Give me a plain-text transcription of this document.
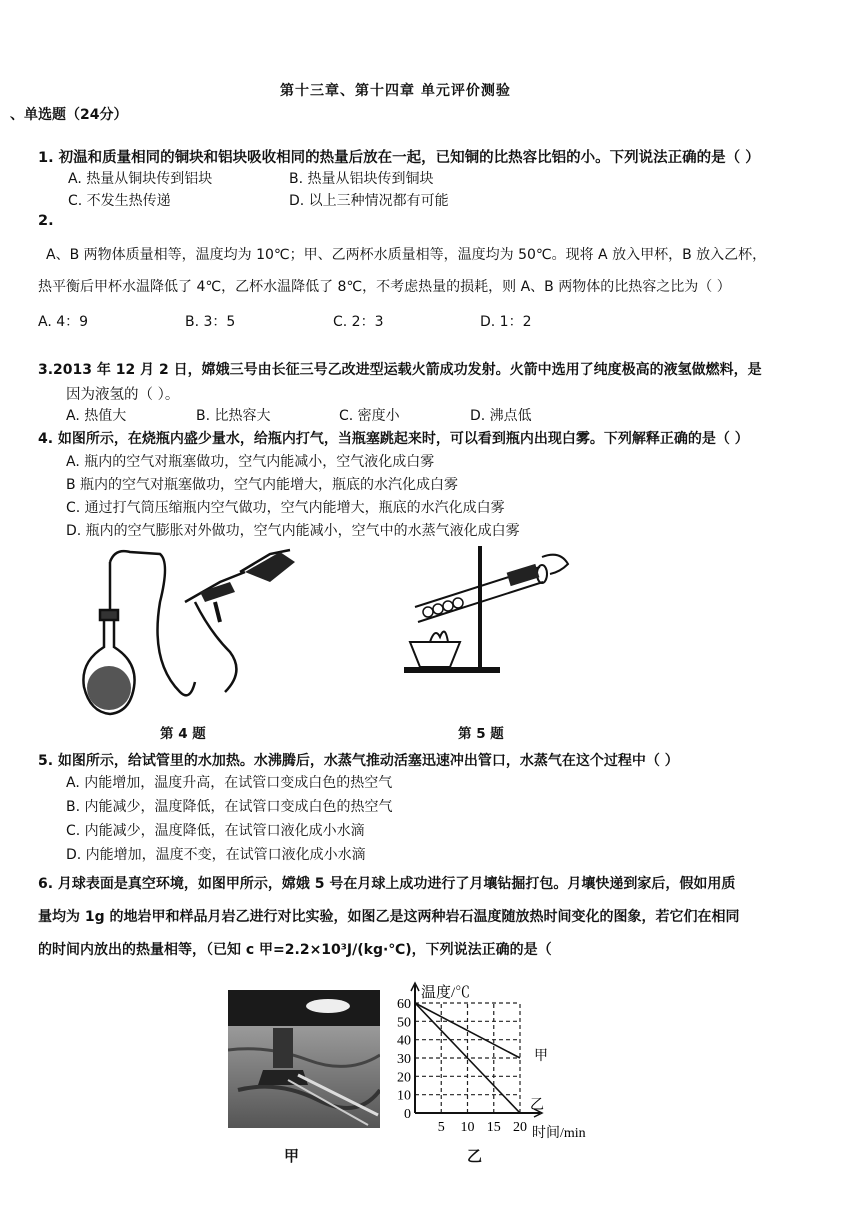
第十三章、第十四章 单元评价测验
、单选题（24分）
1. 初温和质量相同的铜块和铝块吸收相同的热量后放在一起，已知铜的比热容比铝的小。下列说法正确的是（ ）
A. 热量从铜块传到铝块	B. 热量从铝块传到铜块
C. 不发生热传递	D. 以上三种情况都有可能
2.
A、B 两物体质量相等，温度均为 10℃；甲、乙两杯水质量相等，温度均为 50℃。现将 A 放入甲杯，B 放入乙杯，
热平衡后甲杯水温降低了 4℃，乙杯水温降低了 8℃，不考虑热量的损耗，则 A、B 两物体的比热容之比为（ ）
A. 4：9	B. 3：5	C. 2：3	D. 1：2
3.2013 年 12 月 2 日，嫦娥三号由长征三号乙改进型运载火箭成功发射。火箭中选用了纯度极高的液氢做燃料，是
因为液氢的（ ）。
A. 热值大	B. 比热容大	C. 密度小	D. 沸点低
4. 如图所示，在烧瓶内盛少量水，给瓶内打气，当瓶塞跳起来时，可以看到瓶内出现白雾。下列解释正确的是（ ）
A. 瓶内的空气对瓶塞做功，空气内能减小，空气液化成白雾
B 瓶内的空气对瓶塞做功，空气内能增大，瓶底的水汽化成白雾
C. 通过打气筒压缩瓶内空气做功，空气内能增大，瓶底的水汽化成白雾
D. 瓶内的空气膨胀对外做功，空气内能减小，空气中的水蒸气液化成白雾
第 4 题	第 5 题
5. 如图所示，给试管里的水加热。水沸腾后，水蒸气推动活塞迅速冲出管口，水蒸气在这个过程中（ ）
A. 内能增加，温度升高，在试管口变成白色的热空气
B. 内能减少，温度降低，在试管口变成白色的热空气
C. 内能减少，温度降低，在试管口液化成小水滴
D. 内能增加，温度不变，在试管口液化成小水滴
6. 月球表面是真空环境，如图甲所示，嫦娥 5 号在月球上成功进行了月壤钻掘打包。月壤快递到家后，假如用质
量均为 1g 的地岩甲和样品月岩乙进行对比实验，如图乙是这两种岩石温度随放热时间变化的图象，若它们在相同
的时间内放出的热量相等，（已知 c 甲=2.2×10³J/(kg·℃)，下列说法正确的是（
甲
0
10
20
30
40
50
60
5 10 15 20
温度/℃
时间/min
甲
乙
乙
